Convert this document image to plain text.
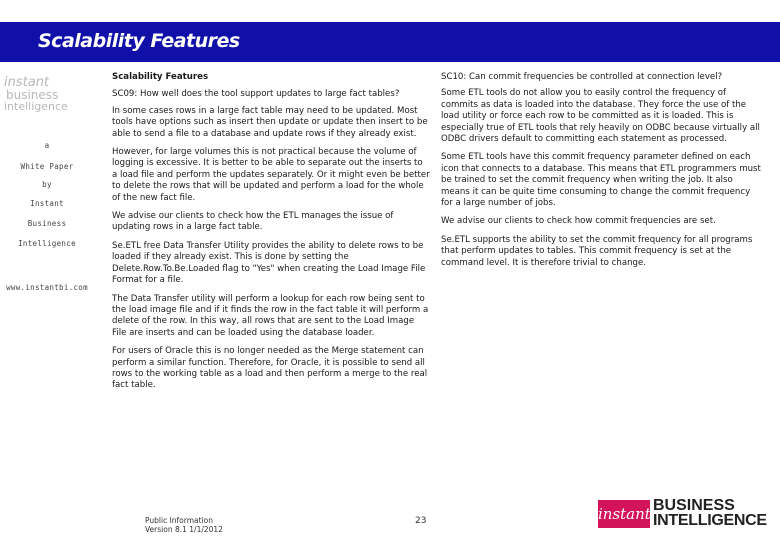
Scalability Features
instant
business
intelligence
a
White Paper
by
Instant
Business
Intelligence
www.instantbi.com

Scalability Features

SC09: How well does the tool support updates to large fact tables?

In some cases rows in a large fact table may need to be updated. Most tools have options such as insert then update or update then insert to be able to send a file to a database and update rows if they already exist.

However, for large volumes this is not practical because the volume of logging is excessive. It is better to be able to separate out the inserts to a load file and perform the updates separately. Or it might even be better to delete the rows that will be updated and perform a load for the whole of the new fact file.

We advise our clients to check how the ETL manages the issue of updating rows in a large fact table.

Se.ETL free Data Transfer Utility provides the ability to delete rows to be loaded if they already exist. This is done by setting the Delete.Row.To.Be.Loaded flag to "Yes" when creating the Load Image File Format for a file.

The Data Transfer utility will perform a lookup for each row being sent to the load image file and if it finds the row in the fact table it will perform a delete of the row. In this way, all rows that are sent to the Load Image File are inserts and can be loaded using the database loader.

For users of Oracle this is no longer needed as the Merge statement can perform a similar function. Therefore, for Oracle, it is possible to send all rows to the working table as a load and then perform a merge to the real fact table.

SC10: Can commit frequencies be controlled at connection level?

Some ETL tools do not allow you to easily control the frequency of commits as data is loaded into the database. They force the use of the load utility or force each row to be committed as it is loaded. This is especially true of ETL tools that rely heavily on ODBC because virtually all ODBC drivers default to committing each statement as processed.

Some ETL tools have this commit frequency parameter defined on each icon that connects to a database. This means that ETL programmers must be trained to set the commit frequency when writing the job. It also means it can be quite time consuming to change the commit frequency for a large number of jobs.

We advise our clients to check how commit frequencies are set.

Se.ETL supports the ability to set the commit frequency for all programs that perform updates to tables. This commit frequency is set at the command level. It is therefore trivial to change.

Public Information
Version 8.1 1/1/2012
23	instant BUSINESS
INTELLIGENCE
